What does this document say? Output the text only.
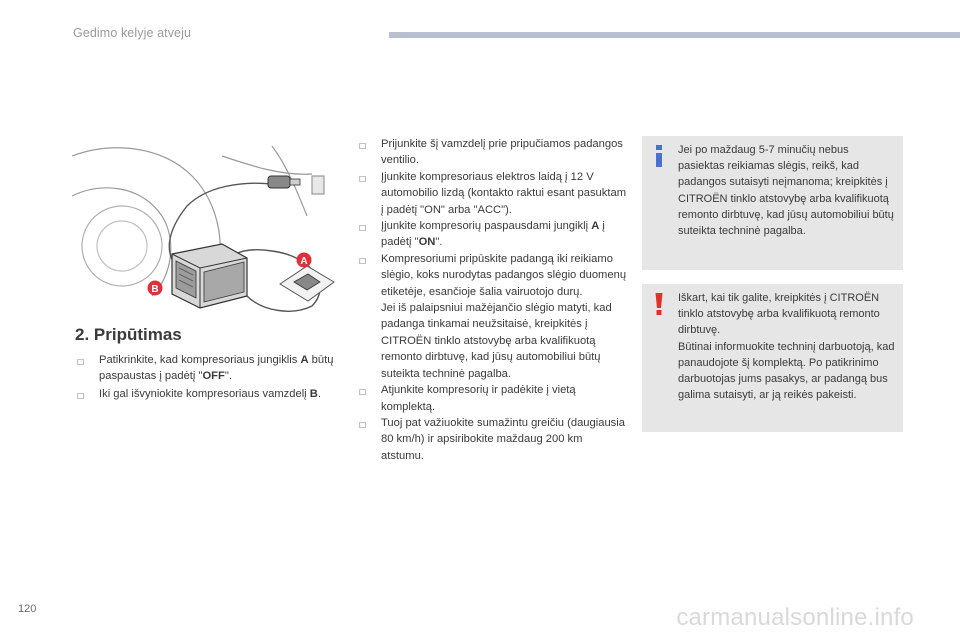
Gedimo kelyje atveju
A
B
2. Pripūtimas
☐ Patikrinkite, kad kompresoriaus jungiklis A būtų paspaustas į padėtį "OFF".
☐ Iki gal išvyniokite kompresoriaus vamzdelį B.
☐ Prijunkite šį vamzdelį prie pripučiamos padangos ventilio.
☐ Įjunkite kompresoriaus elektros laidą į 12 V automobilio lizdą (kontakto raktui esant pasuktam į padėtį "ON" arba "ACC").
☐ Įjunkite kompresorių paspausdami jungiklį A į padėtį "ON".
☐ Kompresoriumi pripūskite padangą iki reikiamo slėgio, koks nurodytas padangos slėgio duomenų etiketėje, esančioje šalia vairuotojo durų.
Jei iš palaipsniui mažėjančio slėgio matyti, kad padanga tinkamai neužsitaisė, kreipkitės į CITROËN tinklo atstovybę arba kvalifikuotą remonto dirbtuvę, kad jūsų automobiliui būtų suteikta techninė pagalba.
☐ Atjunkite kompresorių ir padėkite į vietą komplektą.
☐ Tuoj pat važiuokite sumažintu greičiu (daugiausia 80 km/h) ir apsiribokite maždaug 200 km atstumu.
Jei po maždaug 5-7 minučių nebus pasiektas reikiamas slėgis, reikš, kad padangos sutaisyti neįmanoma; kreipkitės į CITROËN tinklo atstovybę arba kvalifikuotą remonto dirbtuvę, kad jūsų automobiliui būtų suteikta techninė pagalba.
Iškart, kai tik galite, kreipkitės į CITROËN tinklo atstovybę arba kvalifikuotą remonto dirbtuvę.
Būtinai informuokite techninį darbuotoją, kad panaudojote šį komplektą. Po patikrinimo darbuotojas jums pasakys, ar padangą bus galima sutaisyti, ar ją reikės pakeisti.
120	carmanualsonline.info
